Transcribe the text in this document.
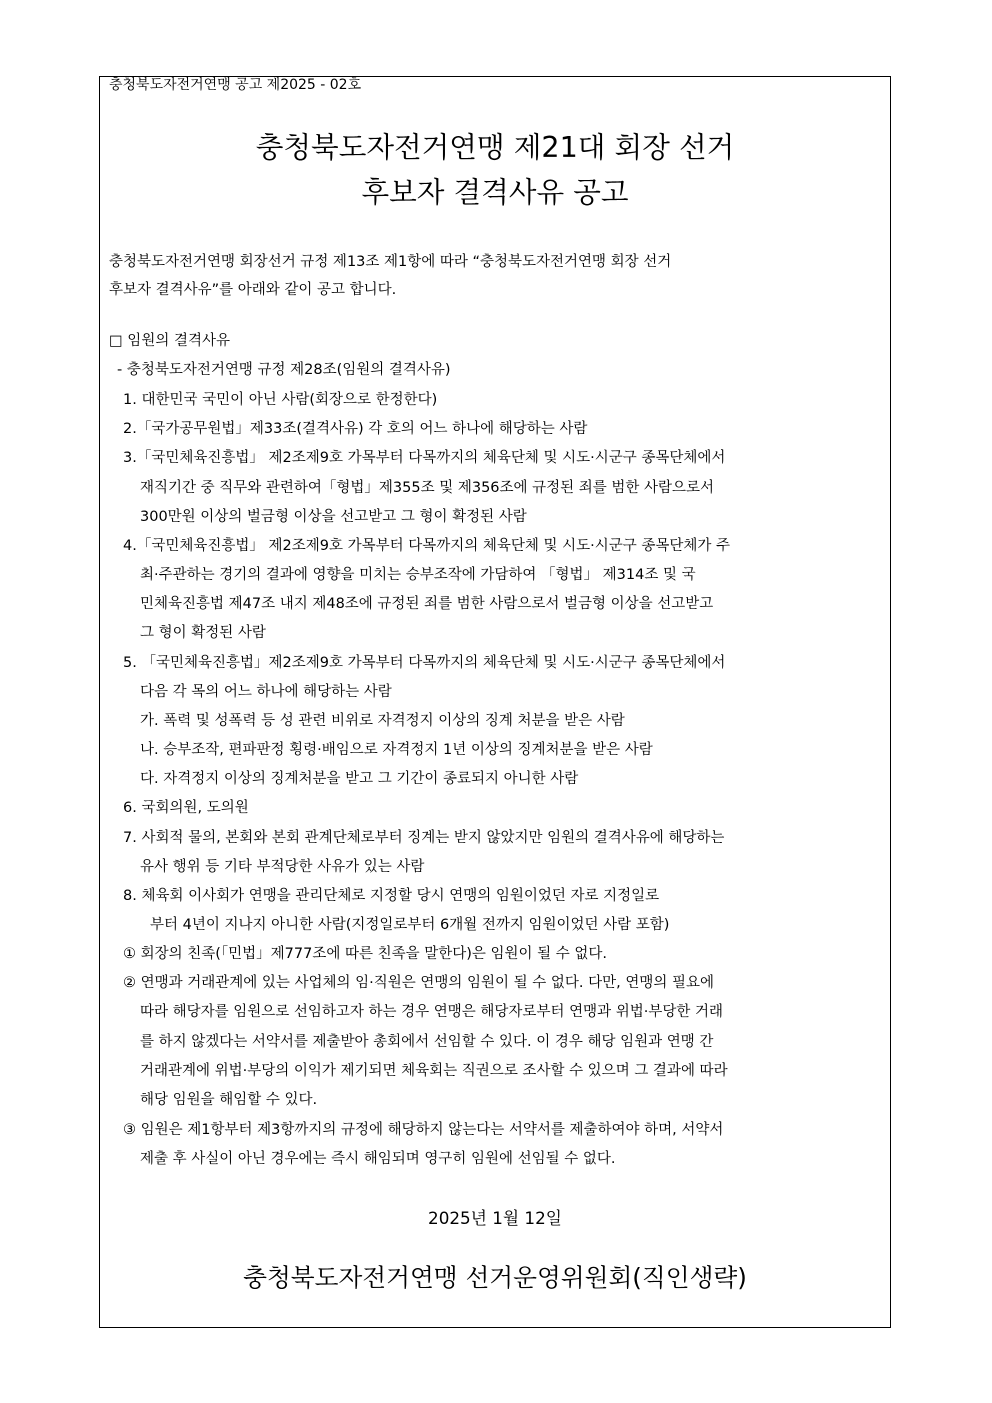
충청북도자전거연맹 공고 제2025 - 02호
충청북도자전거연맹 제21대 회장 선거
후보자 결격사유 공고
충청북도자전거연맹 회장선거 규정 제13조 제1항에 따라 “충청북도자전거연맹 회장 선거
후보자 결격사유”를 아래와 같이 공고 합니다.
□ 임원의 결격사유
- 충청북도자전거연맹 규정 제28조(임원의 결격사유)
1. 대한민국 국민이 아닌 사람(회장으로 한정한다)
2.「국가공무원법」제33조(결격사유) 각 호의 어느 하나에 해당하는 사람
3.「국민체육진흥법」 제2조제9호 가목부터 다목까지의 체육단체 및 시도·시군구 종목단체에서
재직기간 중 직무와 관련하여「형법」제355조 및 제356조에 규정된 죄를 범한 사람으로서
300만원 이상의 벌금형 이상을 선고받고 그 형이 확정된 사람
4.「국민체육진흥법」 제2조제9호 가목부터 다목까지의 체육단체 및 시도·시군구 종목단체가 주
최·주관하는 경기의 결과에 영향을 미치는 승부조작에 가담하여 「형법」 제314조 및 국
민체육진흥법 제47조 내지 제48조에 규정된 죄를 범한 사람으로서 벌금형 이상을 선고받고
그 형이 확정된 사람
5. 「국민체육진흥법」제2조제9호 가목부터 다목까지의 체육단체 및 시도·시군구 종목단체에서
다음 각 목의 어느 하나에 해당하는 사람
가. 폭력 및 성폭력 등 성 관련 비위로 자격정지 이상의 징계 처분을 받은 사람
나. 승부조작, 편파판정 횡령·배임으로 자격정지 1년 이상의 징계처분을 받은 사람
다. 자격정지 이상의 징계처분을 받고 그 기간이 종료되지 아니한 사람
6. 국회의원, 도의원
7. 사회적 물의, 본회와 본회 관계단체로부터 징계는 받지 않았지만 임원의 결격사유에 해당하는
유사 행위 등 기타 부적당한 사유가 있는 사람
8. 체육회 이사회가 연맹을 관리단체로 지정할 당시 연맹의 임원이었던 자로 지정일로
부터 4년이 지나지 아니한 사람(지정일로부터 6개월 전까지 임원이었던 사람 포함)
① 회장의 친족(「민법」제777조에 따른 친족을 말한다)은 임원이 될 수 없다.
② 연맹과 거래관계에 있는 사업체의 임·직원은 연맹의 임원이 될 수 없다. 다만, 연맹의 필요에
따라 해당자를 임원으로 선임하고자 하는 경우 연맹은 해당자로부터 연맹과 위법·부당한 거래
를 하지 않겠다는 서약서를 제출받아 총회에서 선임할 수 있다. 이 경우 해당 임원과 연맹 간
거래관계에 위법·부당의 이익가 제기되면 체육회는 직권으로 조사할 수 있으며 그 결과에 따라
해당 임원을 해임할 수 있다.
③ 임원은 제1항부터 제3항까지의 규정에 해당하지 않는다는 서약서를 제출하여야 하며, 서약서
제출 후 사실이 아닌 경우에는 즉시 해임되며 영구히 임원에 선임될 수 없다.
2025년 1월 12일
충청북도자전거연맹 선거운영위원회(직인생략)
